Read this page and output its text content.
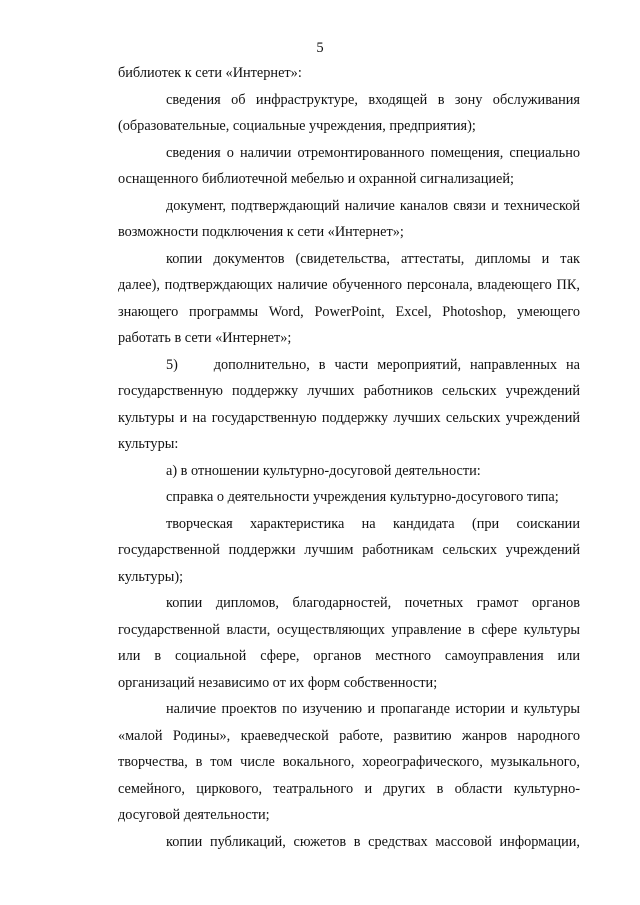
5

библиотек к сети «Интернет»:

сведения об инфраструктуре, входящей в зону обслуживания (образовательные, социальные учреждения, предприятия);

сведения о наличии отремонтированного помещения, специально оснащенного библиотечной мебелью и охранной сигнализацией;

документ, подтверждающий наличие каналов связи и технической возможности подключения к сети «Интернет»;

копии документов (свидетельства, аттестаты, дипломы и так далее), подтверждающих наличие обученного персонала, владеющего ПК, знающего программы Word, PowerPoint, Excel, Photoshop, умеющего работать в сети «Интернет»;

5)    дополнительно, в части мероприятий, направленных на государственную поддержку лучших работников сельских учреждений культуры и на государственную поддержку лучших сельских учреждений культуры:

а) в отношении культурно-досуговой деятельности:

справка о деятельности учреждения культурно-досугового типа;

творческая характеристика на кандидата (при соискании государственной поддержки лучшим работникам сельских учреждений культуры);

копии дипломов, благодарностей, почетных грамот органов государственной власти, осуществляющих управление в сфере культуры или в социальной сфере, органов местного самоуправления или организаций независимо от их форм собственности;

наличие проектов по изучению и пропаганде истории и культуры «малой Родины», краеведческой работе, развитию жанров народного творчества, в том числе вокального, хореографического, музыкального, семейного, циркового, театрального и других в области культурно-досуговой деятельности;

копии публикаций, сюжетов в средствах массовой информации,
